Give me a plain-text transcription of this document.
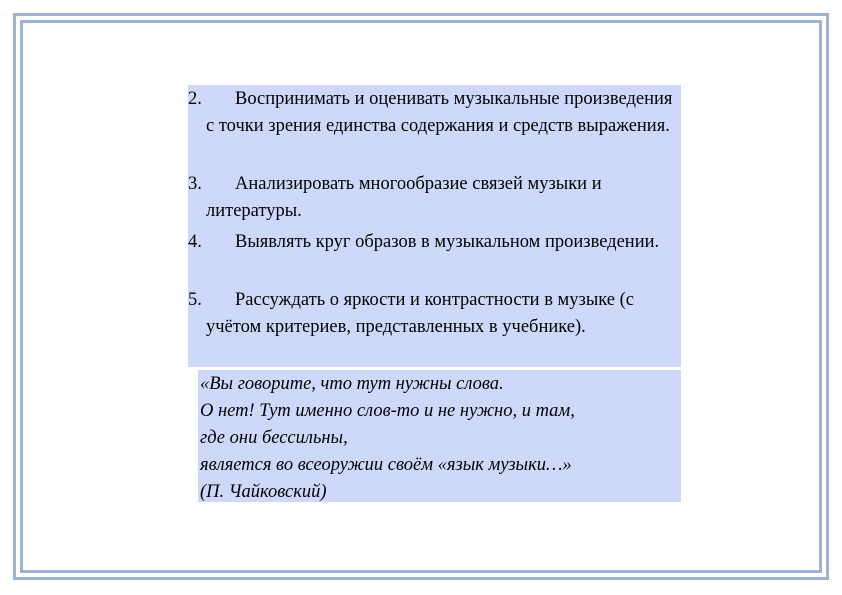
2.	Воспринимать и оценивать музыкальные произведения с точки зрения единства содержания и средств выражения.
3.	Анализировать многообразие связей музыки и литературы.
4.	Выявлять круг образов в музыкальном произведении.
5.	Рассуждать о яркости и контрастности в музыке (с учётом критериев, представленных в учебнике).
«Вы говорите, что тут нужны слова.
О нет! Тут именно слов-то и не нужно, и там,
где они бессильны,
является во всеоружии своём «язык музыки…»
(П. Чайковский)
